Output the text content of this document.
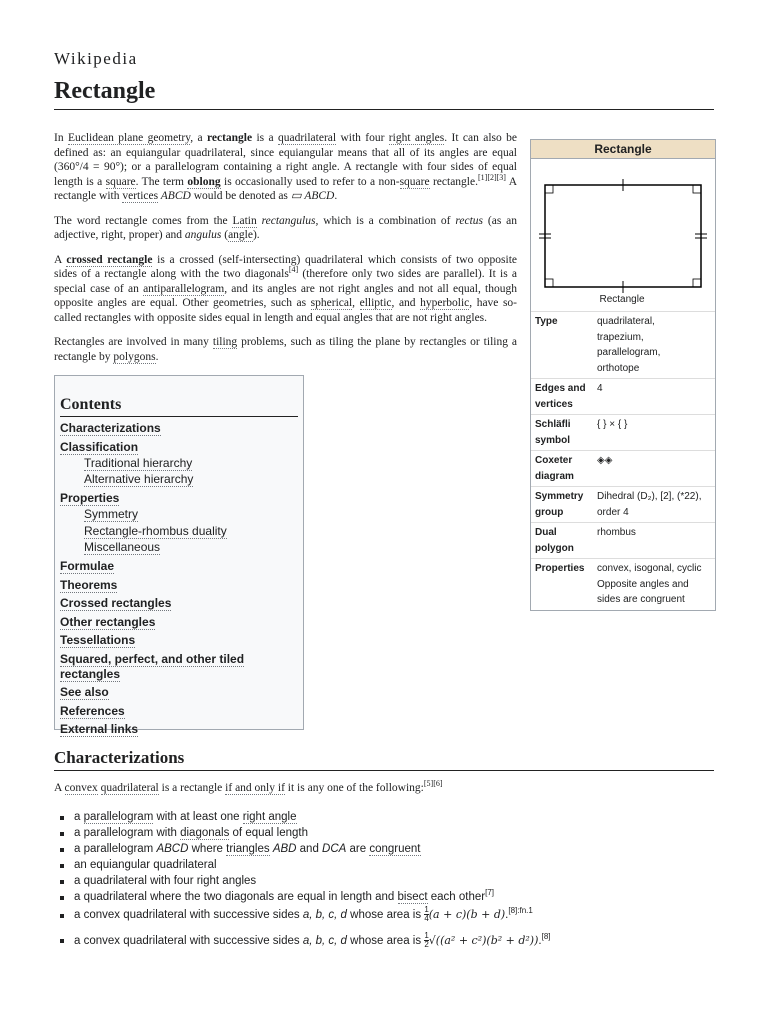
Wikipedia
Rectangle

In Euclidean plane geometry, a rectangle is a quadrilateral with four right angles. It can also be defined as: an equiangular quadrilateral, since equiangular means that all of its angles are equal (360°/4 = 90°); or a parallelogram containing a right angle. A rectangle with four sides of equal length is a square. The term oblong is occasionally used to refer to a non-square rectangle.[1][2][3] A rectangle with vertices ABCD would be denoted as ▭ ABCD.

The word rectangle comes from the Latin rectangulus, which is a combination of rectus (as an adjective, right, proper) and angulus (angle).

A crossed rectangle is a crossed (self-intersecting) quadrilateral which consists of two opposite sides of a rectangle along with the two diagonals[4] (therefore only two sides are parallel). It is a special case of an antiparallelogram, and its angles are not right angles and not all equal, though opposite angles are equal. Other geometries, such as spherical, elliptic, and hyperbolic, have so-called rectangles with opposite sides equal in length and equal angles that are not right angles.

Rectangles are involved in many tiling problems, such as tiling the plane by rectangles or tiling a rectangle by polygons.

Rectangle
Rectangle
Type	quadrilateral,
trapezium,
parallelogram,
orthotope
Edges and vertices
4
Schläfli symbol
{ } × { }
Coxeter diagram
◈◈
Symmetry group
Dihedral (D₂), [2], (*22), order 4
Dual polygon
rhombus
Properties	convex, isogonal, cyclic
Opposite angles and sides are congruent
Contents
Characterizations
Classification
Traditional hierarchy
Alternative hierarchy
Properties
Symmetry
Rectangle-rhombus duality
Miscellaneous
Formulae
Theorems
Crossed rectangles
Other rectangles
Tessellations
Squared, perfect, and other tiled rectangles
See also
References
External links
Characterizations
A convex quadrilateral is a rectangle if and only if it is any one of the following:[5][6]
a parallelogram with at least one right angle
a parallelogram with diagonals of equal length
a parallelogram ABCD where triangles ABD and DCA are congruent
an equiangular quadrilateral
a quadrilateral with four right angles
a quadrilateral where the two diagonals are equal in length and bisect each other[7]
a convex quadrilateral with successive sides a, b, c, d whose area is $\frac{1}{4} (a + c)(b + d).^{[8]:fn.1}$
a convex quadrilateral with successive sides a, b, c, d whose area is $\frac{1}{2} √((a^2 + c^2)(b^2 + d^2)).[8]$
